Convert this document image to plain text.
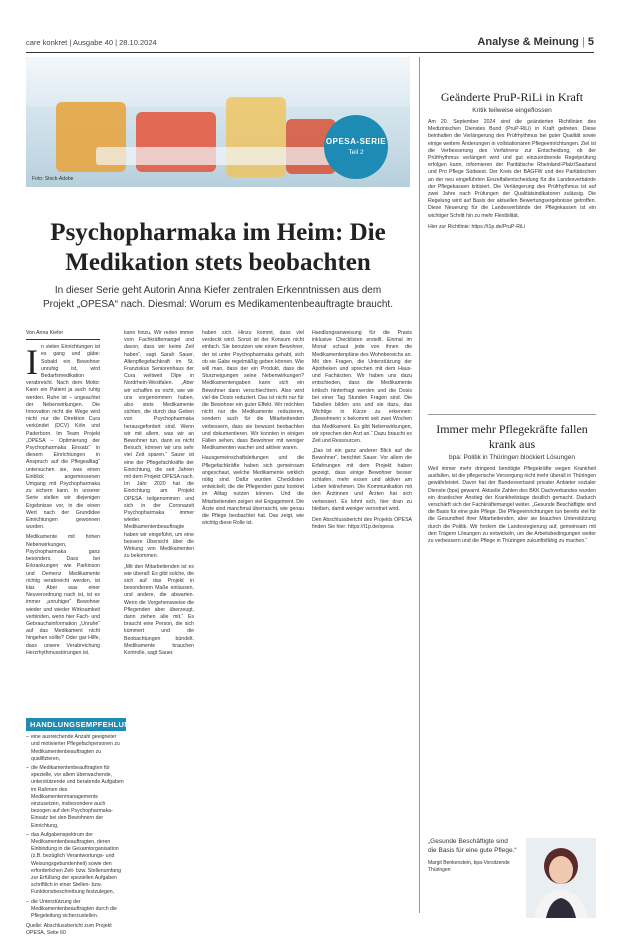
care konkret | Ausgabe 40 | 28.10.2024	Analyse & Meinung | 5
Foto: Stock-Adobe
OPESA-SERIE
Teil 2
Psychopharmaka im Heim: Die Medikation stets beobachten

In dieser Serie geht Autorin Anna Kiefer zentralen Erkenntnissen aus dem Projekt „OPESA“ nach. Diesmal: Worum es Medikamentenbeauftragte braucht.

Von Anna Kiefer
I n vielen Einrichtungen ist es gang und gäbe: Sobald ein Bewohner unruhig ist, wird Bedarfsmedikation verabreicht. Nach dem Motto: Kann ein Patient ja auch ruhig werden. Ruhe ist – ungeachtet der Nebenwirkungen. Die Innovation nicht die Wege wird nicht nur die Direktion Cura verkündet (DCV) Köln und Paderborn. Im Team Projekt „OPESA – Optimierung der Psychopharmaka Einsatz“ in diesem Einrichtungen in Anspruch auf die Pflegealltag“ untersuchen sie, was einen Einblick angemessenen Umgang mit Psychopharmaka zu sichern kann. In unserer Serie stellen wir diejenigen Ergebnisse vor, in die einen Wert nach der Grundidee Einrichtungen gewonnen wurden.

Medikamente mit hohen Nebenwirkungen, Psychopharmaka ganz besonders. Dass bei Erkrankungen wie Parkinson und Demenz Medikamente richtig verabreicht werden, ist klar. Aber was einer Neuverordnung nach ist, ist es immer „unruhiger“ Bewohner wieder und wieder Wirksamkeit verbinden, wenn hier Fach- und Gebrauchsinformation „Unruhe“ auf das Medikament nicht hingehen sollte? Oder gar Hilfe, dass unsere Verabreichung Herzrhythmusstörungen ist.

kann hinzu, Wir reden immer vom Fachkräftemangel und davon, dass wir keine Zeit haben“, sagt Sarah Sauer, Altenpflegefachkraft im St. Franziskus Seniorenhaus der Cura weltweit Olpe in Nordrhein-Westfalen. „Aber wir schaffen es nicht, wie wir uns vorgenommen haben, also stets Medikamente sichten, die durch das Geben von Psychopharmaka herausgefordert sind. Wenn wir mit allem, was wir an Bewohner tun, dann es nicht Besuch, können wir uns sehr viel Zeit sparen.“ Sauer ist eine der Pflegefachkräfte der Einrichtung, die seit Jahren mit dem Projekt OPESA nach. Im Jahr 2020 hat die Einrichtung am Projekt OPESA teilgenommen und sich in der Coronazeit Psychopharmaka immer wieder. Medikamentenbeauftragte haben wir eingeführt, um eine bessere Übersicht über die Wirkung von Medikamenten zu bekommen.

„Mit den Mitarbeitenden ist es wie überall: Es gibt solche, die sich auf das Projekt in besonderem Maße einlassen, und andere, die abwarten. Wenn die Vorgehensweise die Pflegenden aber überzeugt, dann ziehen alle mit.“ Es braucht eine Person, die sich kümmert und die Beobachtungen bündelt. Medikamente brauchen Kontrolle, sagt Sauer.

haben sich. Hinzu kommt, dass viel verdeckt wird. Sonst ist der Konsum nicht einfach. Sie benutzen wie einen Bewohner, der ist unter Psychopharmaka gehabt, sich ob sie Gabe regelmäßig geben können. Wie will man, dass der ein Produkt, dass die Sturzneigungen seine Nebenwirkungen? Medikamentengaben kann sich ein Bewohner dann verschlechtern. Also wird viel die Dosis reduziert. Das ist nicht nur für die Bewohner ein guter Effekt. Wir möchten nicht nur die Medikamente reduzieren, sondern auch für die Mitarbeitenden verbessern, dass sie bewusst beobachten und dokumentieren. Wir konnten in einigen Fällen sehen, dass Bewohner mit weniger Medikamenten wacher und aktiver waren.

Hausgemeinschaftsleitungen und die Pflegefachkräfte haben sich gemeinsam angeschaut, welche Medikamente wirklich nötig sind. Dafür wurden Checklisten entwickelt, die die Pflegenden ganz konkret im Alltag nutzen können. Und die Mitarbeitenden zeigen viel Engagement. Die Ärzte sind manchmal überrascht, wie genau die Pflege beobachtet hat. Das zeigt, wie wichtig diese Rolle ist.

Handlungsanweisung für die Praxis inklusive Checklisten erstellt. Einmal im Monat schaut jede von ihnen die Medikamentenpläne des Wohnbereichs an. Mit den Fragen, die Unterstützung der Apotheken und sprechen mit dem Haus- und Fachärzten. Wir haben uns dazu entschieden, dass die Medikamente kritisch hinterfragt werden und die Dosis bei einer Tag Stunden Fragen sind. Die Tabellen bilden uns und sie dazu, das Wichtige in Kürze zu erkennen: „Bewohnerin x bekommt seit zwei Wochen das Medikament. Es gibt Nebenwirkungen, wir sprechen den Arzt an.“ Dazu braucht es Zeit und Ressourcen.

„Das ist ein ganz anderer Blick auf die Bewohner“, berichtet Sauer. Vor allem die Erfahrungen mit dem Projekt haben gezeigt, dass einige Bewohner besser schlafen, mehr essen und aktiver am Leben teilnehmen. Die Kommunikation mit den Ärztinnen und Ärzten hat sich verbessert. Es lohnt sich, hier dran zu bleiben, damit weniger verordnet wird.

Den Abschlussbericht des Projekts OPESA finden Sie hier: https://t1p.de/opesa

HANDLUNGSEMPFEHLUNGEN
– eine ausreichende Anzahl geeigneter und motivierter Pflegefachpersonen zu Medikamentenbeauftragten zu qualifizieren,
– die Medikamentenbeauftragten für spezielle, vor allem überwachende, unterstützende und beratende Aufgaben im Rahmen des Medikamentenmanagements einzusetzen, insbesondere auch bezogen auf den Psychopharmaka-Einsatz bei den Bewohnern der Einrichtung,
– das Aufgabenspektrum der Medikamentenbeauftragten, deren Einbindung in die Gesamtorganisation (z.B. bezüglich Verantwortungs- und Weisungsgebundenheit) sowie den erforderlichen Zeit- bzw. Stellenumfang zur Erfüllung der speziellen Aufgaben schriftlich in einer Stellen- bzw. Funktionsbeschreibung festzulegen,
– die Unterstützung der Medikamentenbeauftragten durch die Pflegeleitung sicherzustellen.
Quelle: Abschlussbericht zum Projekt OPESA, Seite 60
Geänderte PruP-RiLi in Kraft
Kritik teilweise eingeflossen
Am 20. September 2024 sind die geänderten Richtlinien des Medizinischen Dienstes Bund (PruP-RiLi) in Kraft getreten. Diese beinhalten die Verlängerung des Prüfrhythmus bei guter Qualität sowie einige weitere Änderungen in vollstationären Pflegeeinrichtungen. Ziel ist die Verbesserung des Verfahrens zur Entscheidung, ob der Prüfrhythmus verlängert wird und gut einzuordnende Regelprüfung erfolgen kann, informieren der Paritätische Rheinland-Pfalz/Saarland und Pro Pflege Südwest. Der Kreis der BAGFW und des Paritätischen an der neu eingeführten Einzelfallentscheidung für die Landesverbände der Pflegekassen kritisiert. Die Verlängerung des Prüfrhythmus ist auf zwei Jahre nach Prüfungen der Qualitätsindikatoren zulässig. Die Regelung wird auf Basis der aktuellen Bewertungsergebnisse getroffen. Diese Neuerung für die Landesverbände der Pflegekassen ist ein wichtiger Schritt hin zu mehr Flexibilität.
Hier zur Richtlinie: https://t1p.de/PruP-RiLi
Immer mehr Pflegekräfte fallen krank aus
bpa: Politik in Thüringen blockiert Lösungen
Weil immer mehr dringend benötigte Pflegekräfte wegen Krankheit ausfallen, ist die pflegerische Versorgung nicht mehr überall in Thüringen gewährleistet. Davor hat der Bundesverband privater Anbieter sozialer Dienste (bpa) gewarnt. Aktuelle Zahlen des BKK Dachverbandes wurden ein drastischer Anstieg der Krankheitstage deutlich gemacht. Dadurch verschärft sich der Fachkräftemangel weiter. „Gesunde Beschäftigte sind die Basis für eine gute Pflege. Die Pflegeeinrichtungen tun bereits viel für die Gesundheit ihrer Mitarbeitenden, aber sie brauchen Unterstützung durch die Politik. Wir fordern die Landesregierung auf, gemeinsam mit den Trägern Lösungen zu entwickeln, um die Arbeitsbedingungen weiter zu verbessern und die Pflege in Thüringen zukunftsfähig zu machen.“
„Gesunde Beschäftigte sind die Basis für eine gute Pflege.“
Margit Benkenstein, bpa-Vorsitzende Thüringen
